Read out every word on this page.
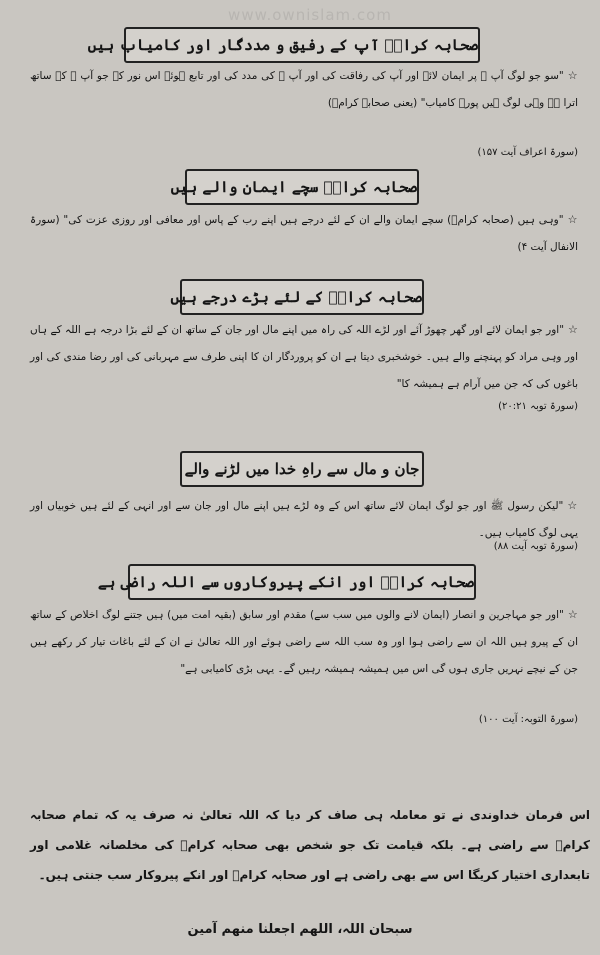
www.ownislam.com
صحابہ کرامؓ آپ کے رفیق و مددگار اور کامیاب ہیں
☆"سو جو لوگ آپ ﷺ پر ایمان لائے اور آپ کی رفاقت کی اور آپ ﷺ کی مدد کی اور تابع ہوئے اس نور کے جو آپ ﷺ کے ساتھ اترا ہے وہی لوگ ہیں پورے کامیاب" (یعنی صحابہ کرامؓ)
(سورۃ اعراف آیت ۱۵۷)
صحابہ کرامؓ سچے ایمان والے ہیں
☆"وہی ہیں (صحابہ کرامؓ) سچے ایمان والے ان کے لئے درجے ہیں اپنے رب کے پاس اور معافی اور روزی عزت کی" (سورۃ الانفال آیت ۴)
صحابہ کرامؓ کے لئے بڑے درجے ہیں
☆"اور جو ایمان لائے اور گھر چھوڑ آئے اور لڑے اللہ کی راہ میں اپنے مال اور جان کے ساتھ ان کے لئے بڑا درجہ ہے اللہ کے ہاں اور وہی مراد کو پہنچنے والے ہیں۔ خوشخبری دیتا ہے ان کو پروردگار ان کا اپنی طرف سے مہربانی کی اور رضا مندی کی اور باغوں کی کہ جن میں آرام ہے ہمیشہ کا"
(سورۃ توبہ ۲۰:۲۱)
جان و مال سے راہِ خدا میں لڑنے والے
☆"لیکن رسول ﷺ اور جو لوگ ایمان لائے ساتھ اس کے وہ لڑے ہیں اپنے مال اور جان سے اور انہی کے لئے ہیں خوبیاں اور یہی لوگ کامیاب ہیں۔
(سورۃ توبہ آیت ۸۸)
صحابہ کرامؓ اور انکے پیروکاروں سے اللہ راضی ہے
☆"اور جو مہاجرین و انصار (ایمان لانے والوں میں سب سے) مقدم اور سابق (بقیہ امت میں) ہیں جتنے لوگ اخلاص کے ساتھ ان کے پیرو ہیں اللہ ان سے راضی ہوا اور وہ سب اللہ سے راضی ہوئے اور اللہ تعالیٰ نے ان کے لئے باغات تیار کر رکھے ہیں جن کے نیچے نہریں جاری ہوں گی اس میں ہمیشہ ہمیشہ رہیں گے۔ یہی بڑی کامیابی ہے"
(سورۃ التوبہ: آیت ۱۰۰)
اس فرمان خداوندی نے تو معاملہ ہی صاف کر دیا کہ اللہ تعالیٰ نہ صرف یہ کہ تمام صحابہ کرامؓ سے راضی ہے۔ بلکہ قیامت تک جو شخص بھی صحابہ کرامؓ کی مخلصانہ غلامی اور تابعداری اختیار کریگا اس سے بھی راضی ہے اور صحابہ کرامؓ اور انکے پیروکار سب جنتی ہیں۔
سبحان اللہ، اللھم اجعلنا منھم آمین
